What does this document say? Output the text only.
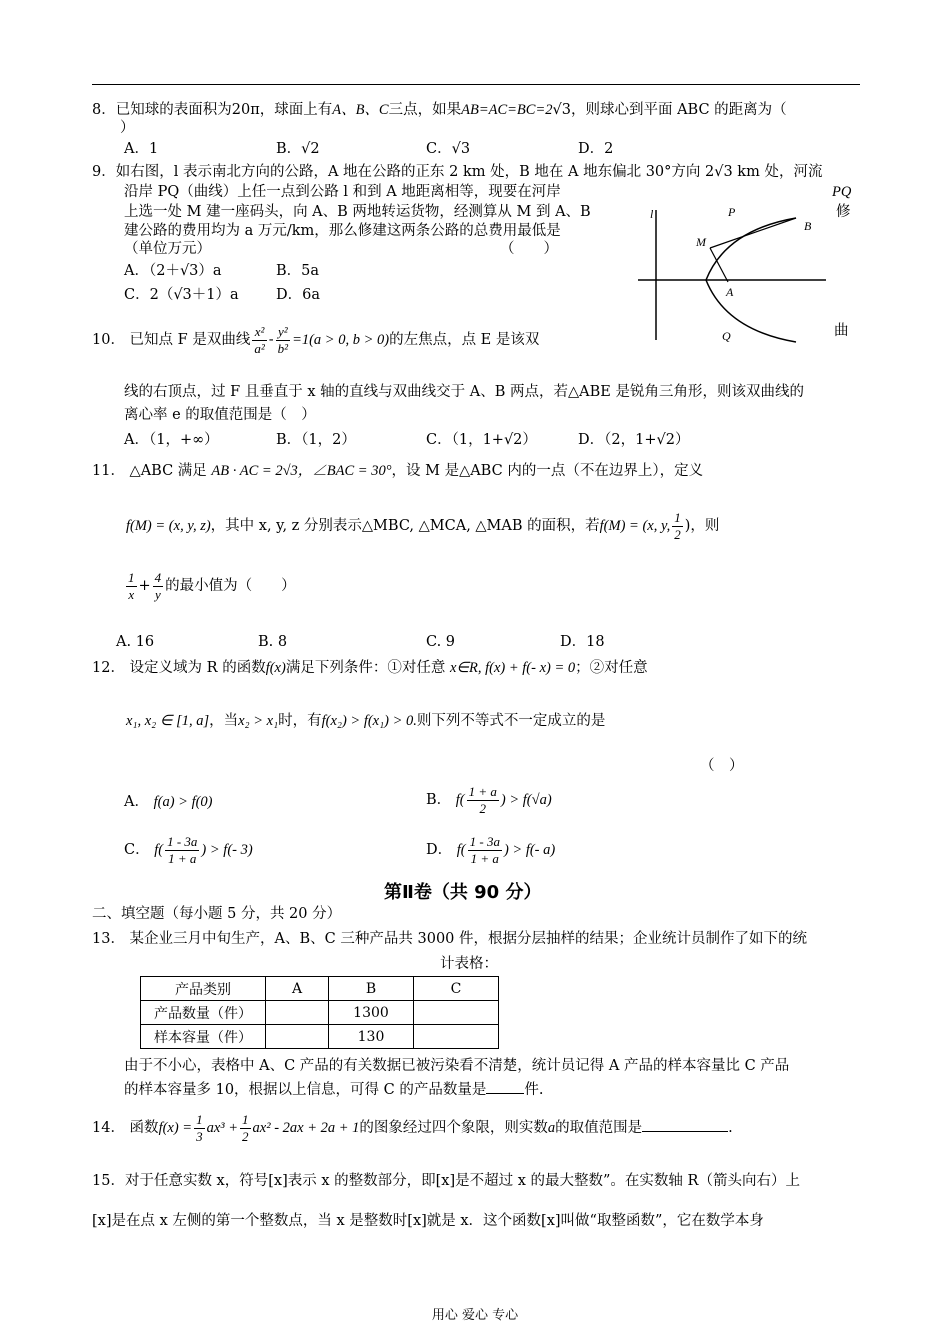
8．已知球的表面积为20π，球面上有A、B、C三点，如果AB=AC=BC=2√3，则球心到平面 ABC 的距离为（
）
A．1	B．√2	C．√3	D．2
9．如右图，l 表示南北方向的公路，A 地在公路的正东 2 km 处，B 地在 A 地东偏北 30°方向 2√3 km 处，河流
沿岸 PQ（曲线）上任一点到公路 l 和到 A 地距离相等，现要在河岸	PQ
上选一处 M 建一座码头，向 A、B 两地转运货物，经测算从 M 到 A、B	修
建公路的费用均为 a 万元/km，那么修建这两条公路的总费用最低是
（单位万元）	（　　）
A．（2＋√3）a	B．5a
C．2（√3＋1）a	D．6a
l	P
B
M
A
Q
10． 已知点 F 是双曲线 $\frac{\text{x²}}{\text{a²}} - \frac{\text{y²}}{\text{b²}} =1(a > 0$, b > 0)的左焦点，点 E 是该双
曲
线的右顶点，过 F 且垂直于 x 轴的直线与双曲线交于 A、B 两点，若△ABE 是锐角三角形，则该双曲线的
离心率 e 的取值范围是（　）
A．（1，+∞）	B．（1，2）	C．（1，1+√2）	D．（2，1+√2）
11． △ABC 满足 AB · AC = 2√3，∠BAC = 30°，设 M 是△ABC 内的一点（不在边界上），定义
f(M) = (x, y, z)，其中 x, y, z 分别表示△MBC, △MCA, △MAB 的面积，若f(M) = (x, y, $\frac{1}{2}$ )，则
$\frac{1}{x} + \frac{4}{y}$ 的最小值为（　　）
A. 16	B. 8	C. 9	D．18
12． 设定义域为 R 的函数f(x)满足下列条件：①对任意 x∈R, f(x) + f(- x) = 0；②对任意
x₁, x₂ ∈ [1, a]，当x₂ > x₁时，有f(x₂) > f(x₁) > 0.则下列不等式不一定成立的是
（　）
A． f(a) > f(0)	B． $f( \frac{1 + a}{2}$ ) > f(√a)
C． $f( \frac{1 - 3a}{1 + a}$ ) > f(- 3)	D． $f( \frac{1 - 3a}{1 + a}$ ) > f(- a)
第Ⅱ卷（共 90 分）
二、填空题（每小题 5 分，共 20 分）
13． 某企业三月中旬生产，A、B、C 三种产品共 3000 件，根据分层抽样的结果；企业统计员制作了如下的统
计表格：
产品类别	A	B	C
产品数量（件）		1300	
样本容量（件）		130	
由于不小心，表格中 A、C 产品的有关数据已被污染看不清楚，统计员记得 A 产品的样本容量比 C 产品
的样本容量多 10，根据以上信息，可得 C 的产品数量是	件.
14． 函数$f(x) = \frac{1}{3} ax^3 + \frac{1}{2} ax^2 - 2ax + 2a + 1$的图象经过四个象限，则实数a的取值范围是	.
15．对于任意实数 x，符号[x]表示 x 的整数部分，即[x]是不超过 x 的最大整数”。在实数轴 R（箭头向右）上
[x]是在点 x 左侧的第一个整数点，当 x 是整数时[x]就是 x．这个函数[x]叫做“取整函数”，它在数学本身
用心 爱心 专心
